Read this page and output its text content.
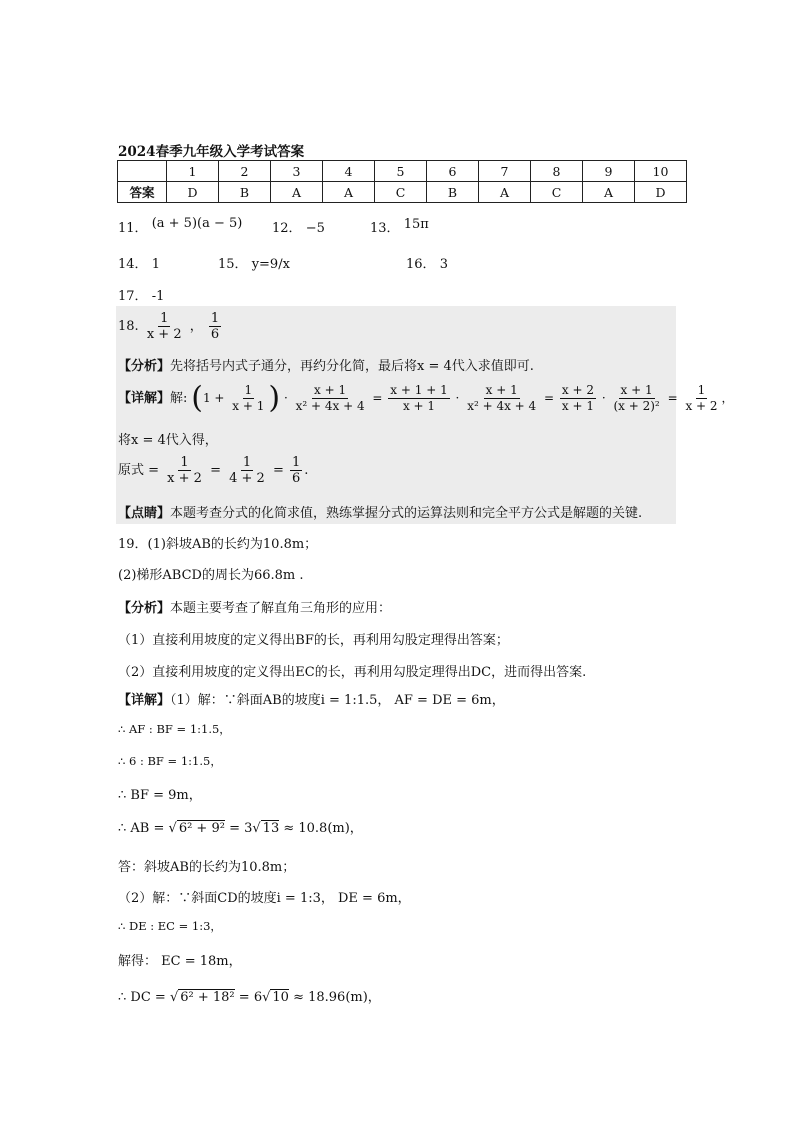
2024春季九年级入学考试答案
	1	2	3	4	5	6	7	8	9	10
答案	D	B	A	A	C	B	A	C	A	D
11． (a + 5)(a − 5) 12． −5	13． 15π
14． 1	15． y=9/x	16． 3
17． -1
18. $\frac{1}{x + 2}$ ， $\frac{1}{6}$
【分析】先将括号内式子通分，再约分化简，最后将x = 4代入求值即可.
【详解】解: ($1 + \frac{1}{x + 1}$ ) · $\frac{x + 1}{\text{x² + 4x + 4}} = \frac{x + 1 + 1}{x + 1} \cdot \frac{x + 1}{\text{x² + 4x + 4}} = \frac{x + 2}{x + 1} \cdot \frac{x + 1}{\text{(x + 2)²}} = \frac{1}{x + 2}$ ，
将x = 4代入得，
原式 = $\frac{1}{x + 2} = \frac{1}{4 + 2} = \frac{1}{6}$ .
【点睛】本题考查分式的化简求值，熟练掌握分式的运算法则和完全平方公式是解题的关键.
19．(1)斜坡AB的长约为10.8m；
(2)梯形ABCD的周长为66.8m .
【分析】本题主要考查了解直角三角形的应用：
（1）直接利用坡度的定义得出BF的长，再利用勾股定理得出答案；
（2）直接利用坡度的定义得出EC的长，再利用勾股定理得出DC，进而得出答案.
【详解】（1）解：∵斜面AB的坡度i = 1:1.5， AF = DE = 6m，
∴ AF : BF = 1:1.5，
∴ 6 : BF = 1:1.5，
∴ BF = 9m，
∴ AB = √ 6² + 9² = 3√ 13 ≈ 10.8(m)，
答：斜坡AB的长约为10.8m；
（2）解：∵斜面CD的坡度i = 1:3， DE = 6m，
∴ DE : EC = 1:3，
解得： EC = 18m，
∴ DC = √ 6² + 18² = 6√ 10 ≈ 18.96(m)，
